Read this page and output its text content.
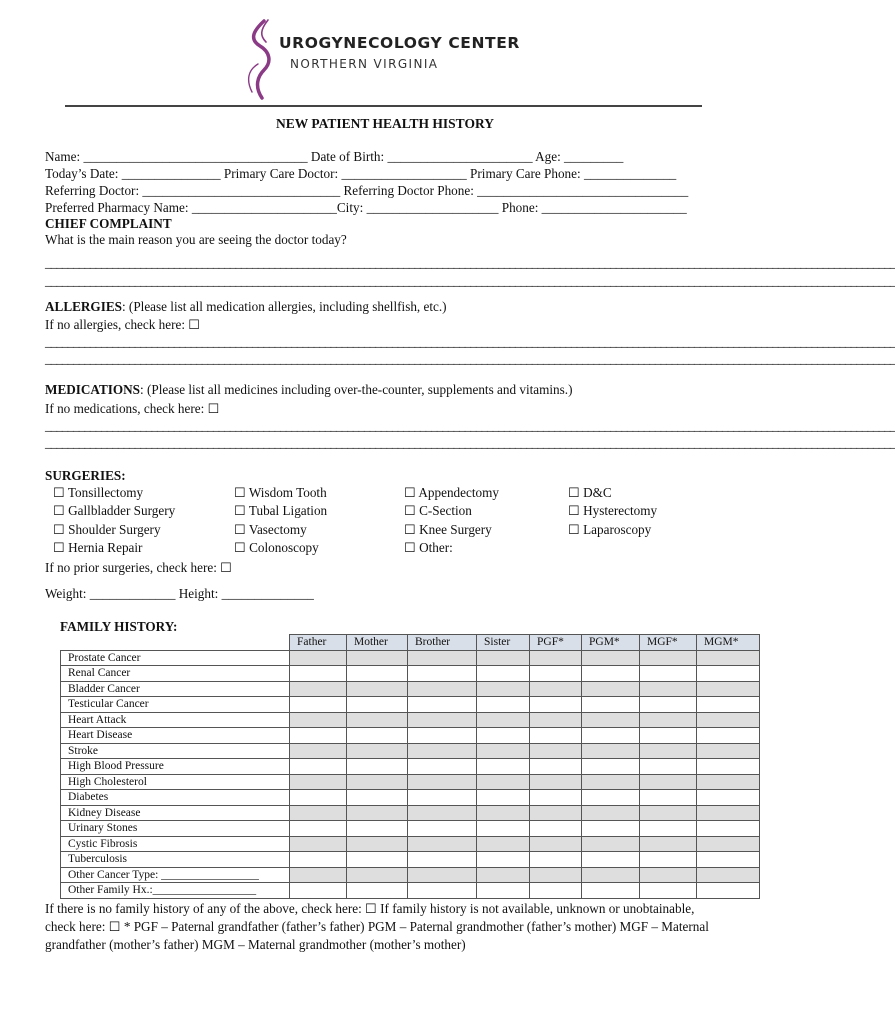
UROGYNECOLOGY CENTER
NORTHERN VIRGINIA
NEW PATIENT HEALTH HISTORY
Name: __________________________________ Date of Birth: ______________________ Age: _________
Today’s Date: _______________ Primary Care Doctor: ___________________ Primary Care Phone: ______________
Referring Doctor: ______________________________ Referring Doctor Phone: ________________________________
Preferred Pharmacy Name: ______________________City: ____________________ Phone: ______________________
CHIEF COMPLAINT
What is the main reason you are seeing the doctor today?
________________________________________________________________________________________________________________________________________________________
________________________________________________________________________________________________________________________________________________________
ALLERGIES: (Please list all medication allergies, including shellfish, etc.)
If no allergies, check here: ☐
________________________________________________________________________________________________________________________________________________________
________________________________________________________________________________________________________________________________________________________
MEDICATIONS: (Please list all medicines including over-the-counter, supplements and vitamins.)
If no medications, check here: ☐
________________________________________________________________________________________________________________________________________________________
________________________________________________________________________________________________________________________________________________________
SURGERIES:
☐ Tonsillectomy
☐ Gallbladder Surgery
☐ Shoulder Surgery
☐ Hernia Repair
☐ Wisdom Tooth
☐ Tubal Ligation
☐ Vasectomy
☐ Colonoscopy
☐ Appendectomy
☐ C-Section
☐ Knee Surgery
☐ Other:
☐ D&C
☐ Hysterectomy
☐ Laparoscopy
If no prior surgeries, check here: ☐
Weight: _____________ Height: ______________
FAMILY HISTORY:
	Father	Mother	Brother	Sister	PGF*	PGM*	MGF*	MGM*
Prostate Cancer								
Renal Cancer								
Bladder Cancer								
Testicular Cancer								
Heart Attack								
Heart Disease								
Stroke								
High Blood Pressure								
High Cholesterol								
Diabetes								
Kidney Disease								
Urinary Stones								
Cystic Fibrosis								
Tuberculosis								
Other Cancer Type: _________________								
Other Family Hx.:__________________								
If there is no family history of any of the above, check here: ☐ If family history is not available, unknown or unobtainable, check here: ☐ * PGF – Paternal grandfather (father’s father) PGM – Paternal grandmother (father’s mother) MGF – Maternal grandfather (mother’s father) MGM – Maternal grandmother (mother’s mother)
